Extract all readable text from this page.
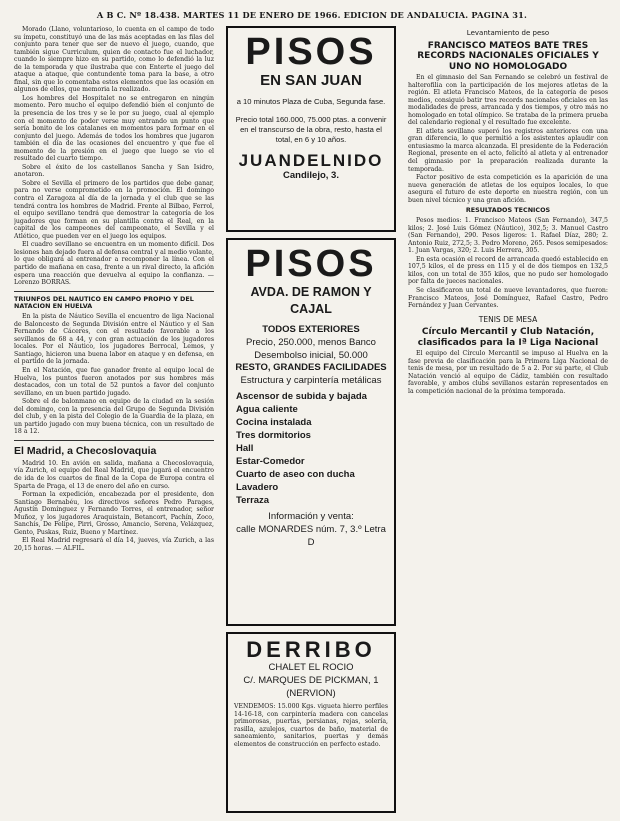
A B C. Nº 18.438. MARTES 11 DE ENERO DE 1966. EDICION DE ANDALUCIA. PAGINA 31.

Morado (Llano, voluntarioso, lo cuenta en el campo de todo su ímpetu, constituyó una de las más aceptadas en las filas del conjunto para tener que ser de nuevo el juego, cuando, que también sigue Curriculum, quien de contacto fue el luchador, cuando lo siempre hizo en su partido, como lo defendió la luz de la temporada y que ilustraba que con Enterte el juego del ataque a ataque, que contundente toma para la base, a otro final, sin que lo comentaba estos elementos que las ocasión en algunos de ellos, que memoria la realizado.

Los hombres del Hospitalet no se entregaron en ningún momento. Pero mucho el equipo defendió bien el conjunto de la presencia de los tres y se le por su juego, cual al ejemplo con el momento de poder verse muy entrando un punto que sería bonito de los catalanes en momentos para formar en el conjunto del juego. Además de todos los hombres que jugaron también el día de las ocasiones del encuentro y que fue el momento de la presión en el juego que luego se vio el resultado del cuarto tiempo.

Sobre el éxito de los castellanos Sancha y San Isidro, anotaron.

Sobre el Sevilla el primero de los partidos que debe ganar, para no verse comprometido en la promoción. El domingo contra el Zaragoza al día de la jornada y el club que se las tendrá contra los hombres de Madrid. Frente al Bilbao, Ferrol, el equipo sevillano tendrá que demostrar la categoría de los jugadores que forman en su plantilla contra el Real, en la capital de los campeones del campeonato, el Sevilla y el Atlético, que pueden ver en el juego los equipos.

El cuadro sevillano se encuentra en un momento difícil. Dos lesiones han dejado fuera al defensa central y al medio volante, lo que obligará al entrenador a recomponer la línea. Con el partido de mañana en casa, frente a un rival directo, la afición espera una reacción que devuelva al equipo la confianza. — Lorenzo BORRAS.

TRIUNFOS DEL NAUTICO EN CAMPO PROPIO Y DEL NATACION EN HUELVA

En la pista de Náutico Sevilla el encuentro de liga Nacional de Baloncesto de Segunda División entre el Náutico y el San Fernando de Cáceres, con el resultado favorable a los sevillanos de 68 a 44, y con gran actuación de los jugadores locales. Por el Náutico, los jugadores Berrocal, Lemos, y Santiago, hicieron una buena labor en ataque y en defensa, en el partido de la jornada.

En el Natación, que fue ganador frente al equipo local de Huelva, los puntos fueron anotados por sus hombres más destacados, con un total de 52 puntos a favor del conjunto sevillano, en un buen partido jugado.

Sobre el de balonmano en equipo de la ciudad en la sesión del domingo, con la presencia del Grupo de Segunda División del club, y en la pista del Colegio de la Guardia de la plaza, en un partido jugado con muy buena técnica, con un resultado de 18 a 12.

El Madrid, a Checoslovaquia

Madrid 10. En avión en salida, mañana a Checoslovaquia, vía Zurich, el equipo del Real Madrid, que jugará el encuentro de ida de los cuartos de final de la Copa de Europa contra el Sparta de Praga, el 13 de enero del año en curso.

Forman la expedición, encabezada por el presidente, don Santiago Bernabéu, los directivos señores Pedro Parages, Agustín Domínguez y Fernando Torres, el entrenador, señor Muñoz, y los jugadores Araquistain, Betancort, Pachín, Zoco, Sanchís, De Felipe, Pirri, Grosso, Amancio, Serena, Velázquez, Gento, Puskas, Ruiz, Bueno y Martínez.

El Real Madrid regresará el día 14, jueves, vía Zurich, a las 20,15 horas. — ALFIL.

PISOS
EN SAN JUAN
a 10 minutos Plaza de Cuba, Segunda fase.
Precio total 160.000, 75.000 ptas. a convenir en el transcurso de la obra, resto, hasta el total, en 6 y 10 años.
JUANDELNIDO
Candilejo, 3.
PISOS
AVDA. DE RAMON Y CAJAL
TODOS EXTERIORES
Precio, 250.000, menos Banco
Desembolso inicial, 50.000
RESTO, GRANDES FACILIDADES
Estructura y carpintería metálicas
Ascensor de subida y bajada
Agua caliente
Cocina instalada
Tres dormitorios
Hall
Estar-Comedor
Cuarto de aseo con ducha
Lavadero
Terraza
Información y venta:
calle MONARDES núm. 7, 3.º Letra D
DERRIBO
CHALET EL ROCIO
C/. MARQUES DE PICKMAN, 1
(NERVION)
VENDEMOS: 15.000 Kgs. vigueta hierro perfiles 14-16-18, con carpintería madera con cancelas primorosas, puertas, persianas, rejas, solería, rasilla, azulejos, cuartos de baño, material de saneamiento, sanitarios, puertas y demás elementos de construcción en perfecto estado.
Levantamiento de peso
FRANCISCO MATEOS BATE TRES RECORDS NACIONALES OFICIALES Y UNO NO HOMOLOGADO

En el gimnasio del San Fernando se celebró un festival de halterofilia con la participación de los mejores atletas de la región. El atleta Francisco Mateos, de la categoría de pesos medios, consiguió batir tres records nacionales oficiales en las modalidades de press, arrancada y dos tiempos, y otro más no homologado en total olímpico. Se trataba de la primera prueba del calendario regional y el resultado fue excelente.

El atleta sevillano superó los registros anteriores con una gran diferencia, lo que permitió a los asistentes aplaudir con entusiasmo la marca alcanzada. El presidente de la Federación Regional, presente en el acto, felicitó al atleta y al entrenador del gimnasio por la preparación realizada durante la temporada.

Factor positivo de esta competición es la aparición de una nueva generación de atletas de los equipos locales, lo que asegura el futuro de este deporte en nuestra región, con un buen nivel técnico y una gran afición.

RESULTADOS TECNICOS

Pesos medios: 1. Francisco Mateos (San Fernando), 347,5 kilos; 2. José Luis Gómez (Náutico), 302,5; 3. Manuel Castro (San Fernando), 290. Pesos ligeros: 1. Rafael Díaz, 280; 2. Antonio Ruiz, 272,5; 3. Pedro Moreno, 265. Pesos semipesados: 1. Juan Vargas, 320; 2. Luis Herrera, 305.

En esta ocasión el record de arrancada quedó establecido en 107,5 kilos, el de press en 115 y el de dos tiempos en 132,5 kilos, con un total de 355 kilos, que no pudo ser homologado por falta de jueces nacionales.

Se clasificaron un total de nueve levantadores, que fueron: Francisco Mateos, José Domínguez, Rafael Castro, Pedro Fernández y Juan Cervantes.

TENIS DE MESA
Círculo Mercantil y Club Natación, clasificados para la Iª Liga Nacional

El equipo del Círculo Mercantil se impuso al Huelva en la fase previa de clasificación para la Primera Liga Nacional de tenis de mesa, por un resultado de 5 a 2. Por su parte, el Club Natación venció al equipo de Cádiz, también con resultado favorable, y ambos clubs sevillanos estarán representados en la competición nacional de la próxima temporada.
